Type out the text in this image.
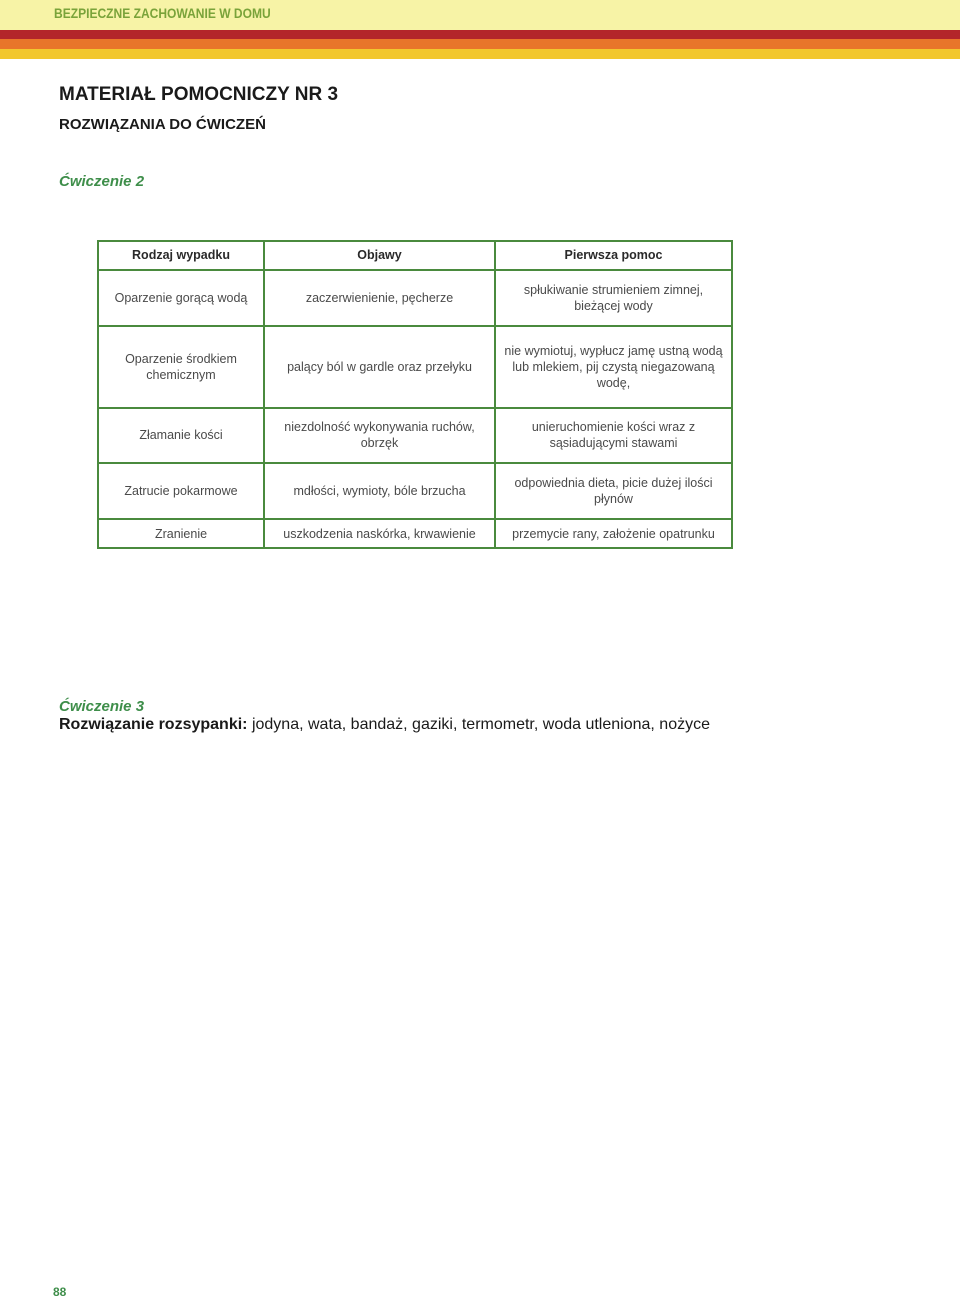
BEZPIECZNE ZACHOWANIE W DOMU
MATERIAŁ POMOCNICZY NR 3
ROZWIĄZANIA DO ĆWICZEŃ
Ćwiczenie 2
Rodzaj wypadku	Objawy	Pierwsza pomoc
Oparzenie gorącą wodą	zaczerwienienie, pęcherze	spłukiwanie strumieniem zimnej, bieżącej wody
Oparzenie środkiem chemicznym	palący ból w gardle oraz przełyku	nie wymiotuj, wypłucz jamę ustną wodą lub mlekiem, pij czystą niegazowaną wodę,
Złamanie kości	niezdolność wykonywania ruchów, obrzęk	unieruchomienie kości wraz z sąsiadującymi stawami
Zatrucie pokarmowe	mdłości, wymioty, bóle brzucha	odpowiednia dieta, picie dużej ilości płynów
Zranienie	uszkodzenia naskórka, krwawienie	przemycie rany, założenie opatrunku
Ćwiczenie 3
Rozwiązanie rozsypanki: jodyna, wata, bandaż, gaziki, termometr, woda utleniona, nożyce
88
